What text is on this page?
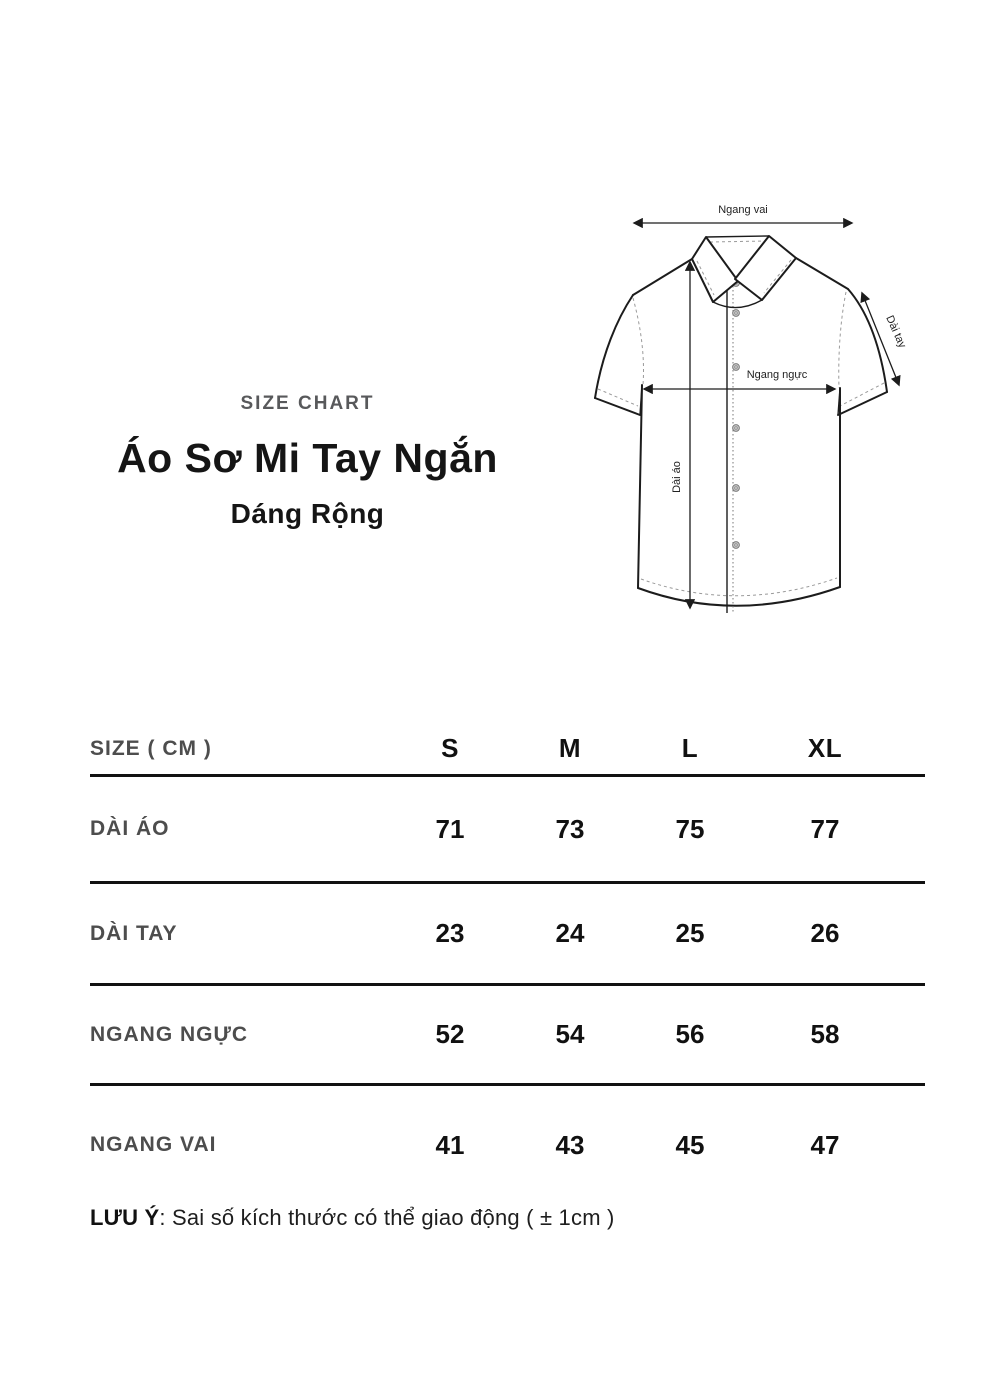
SIZE CHART
Áo Sơ Mi Tay Ngắn
Dáng Rộng
Ngang vai
Dài áo
Ngang ngực
Dài tay
SIZE ( CM )	S	M	L	XL
DÀI ÁO	71	73	75	77
DÀI TAY	23	24	25	26
NGANG NGỰC	52	54	56	58
NGANG VAI	41	43	45	47
LƯU Ý: Sai số kích thước có thể giao động ( ± 1cm )
